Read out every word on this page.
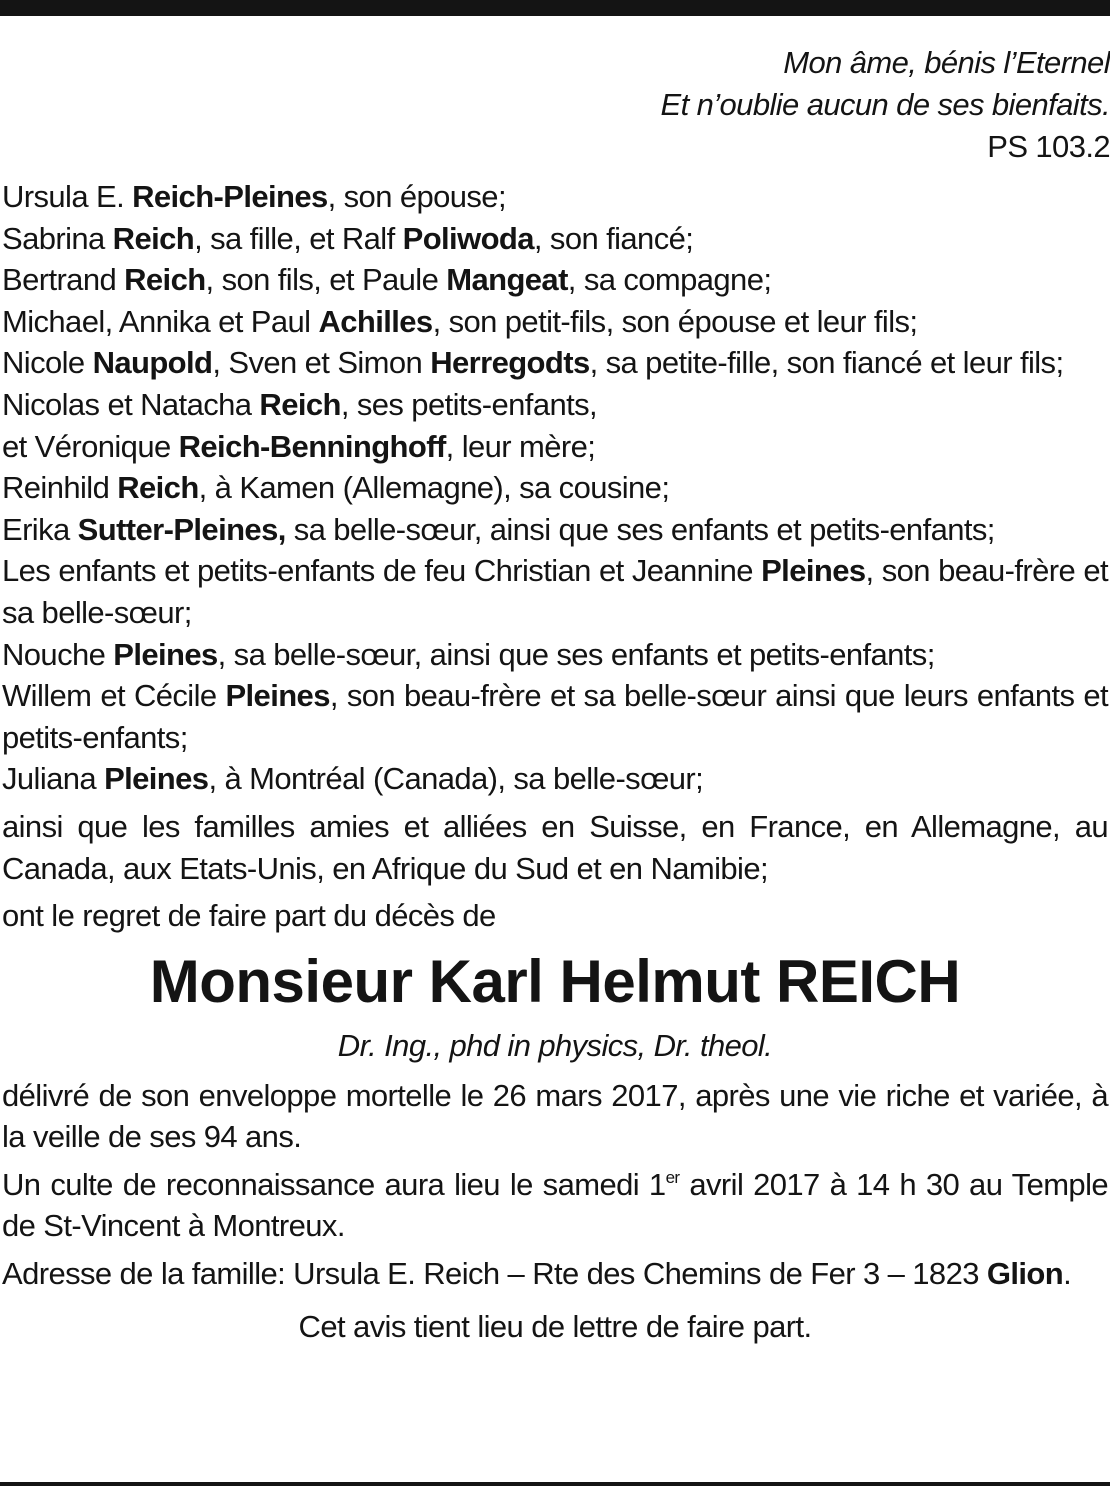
Mon âme, bénis l’Eternel
Et n’oublie aucun de ses bienfaits.
PS 103.2
Ursula E. Reich-Pleines, son épouse;
Sabrina Reich, sa fille, et Ralf Poliwoda, son fiancé;
Bertrand Reich, son fils, et Paule Mangeat, sa compagne;
Michael, Annika et Paul Achilles, son petit-fils, son épouse et leur fils;
Nicole Naupold, Sven et Simon Herregodts, sa petite-fille, son fiancé et leur fils;
Nicolas et Natacha Reich, ses petits-enfants,
et Véronique Reich-Benninghoff, leur mère;
Reinhild Reich, à Kamen (Allemagne), sa cousine;
Erika Sutter-Pleines, sa belle-sœur, ainsi que ses enfants et petits-enfants;
Les enfants et petits-enfants de feu Christian et Jeannine Pleines, son beau-frère et sa belle-sœur;
Nouche Pleines, sa belle-sœur, ainsi que ses enfants et petits-enfants;
Willem et Cécile Pleines, son beau-frère et sa belle-sœur ainsi que leurs enfants et petits-enfants;
Juliana Pleines, à Montréal (Canada), sa belle-sœur;
ainsi que les familles amies et alliées en Suisse, en France, en Allemagne, au Canada, aux Etats-Unis, en Afrique du Sud et en Namibie;
ont le regret de faire part du décès de
Monsieur Karl Helmut REICH
Dr. Ing., phd in physics, Dr. theol.
délivré de son enveloppe mortelle le 26 mars 2017, après une vie riche et variée, à la veille de ses 94 ans.
Un culte de reconnaissance aura lieu le samedi 1er avril 2017 à 14 h 30 au Temple de St-Vincent à Montreux.
Adresse de la famille: Ursula E. Reich – Rte des Chemins de Fer 3 – 1823 Glion.
Cet avis tient lieu de lettre de faire part.
